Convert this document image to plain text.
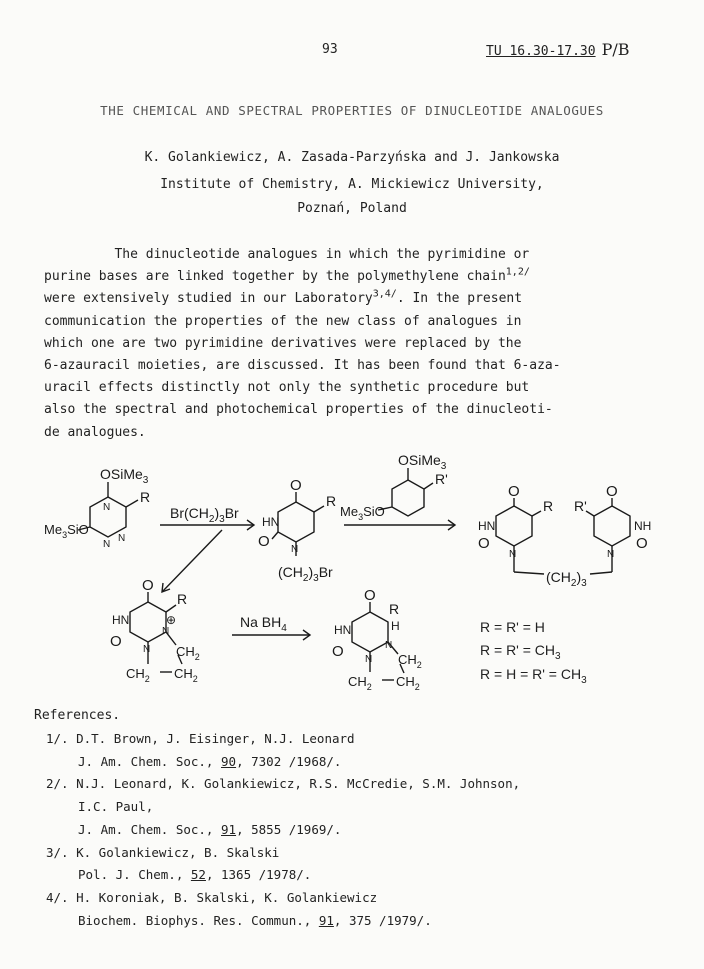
93	TU 16.30-17.30 P/B
THE CHEMICAL AND SPECTRAL PROPERTIES OF DINUCLEOTIDE ANALOGUES
K. Golankiewicz, A. Zasada-Parzyńska and J. Jankowska
Institute of Chemistry, A. Mickiewicz University,
Poznań, Poland
The dinucleotide analogues in which the pyrimidine or
purine bases are linked together by the polymethylene chain$^{1,2/}$
were extensively studied in our Laboratory$^{3,4/}$. In the present
communication the properties of the new class of analogues in
which one are two pyrimidine derivatives were replaced by the
6-azauracil moieties, are discussed. It has been found that 6-aza-
uracil effects distinctly not only the synthetic procedure but
also the spectral and photochemical properties of the dinucleoti-
de analogues.
OSiMe$_3$
R
$Me_3SiO$
N
N
N
$Br(CH_2)_3Br$
O
R
HN
O N
$(CH_2)_3Br$
OSiMe$_3$
R'
$Me_3SiO$
O
R
HN
O
N
O
R'
NH
O
N
$(CH_2)_3$
O
R
HN
O N
N
⊕
$CH_2$
$CH_2$ $CH_2$
Na $BH_4$
O
R
H
HN
O N
N
$CH_2$
$CH_2$ $CH_2$
R = R' = H
$R = R' = CH_3$
$R = H = R' = CH_3$
References.
1/. D.T. Brown, J. Eisinger, N.J. Leonard
J. Am. Chem. Soc., 90, 7302 /1968/.
2/. N.J. Leonard, K. Golankiewicz, R.S. McCredie, S.M. Johnson,
I.C. Paul,
J. Am. Chem. Soc., 91, 5855 /1969/.
3/. K. Golankiewicz, B. Skalski
Pol. J. Chem., 52, 1365 /1978/.
4/. H. Koroniak, B. Skalski, K. Golankiewicz
Biochem. Biophys. Res. Commun., 91, 375 /1979/.
